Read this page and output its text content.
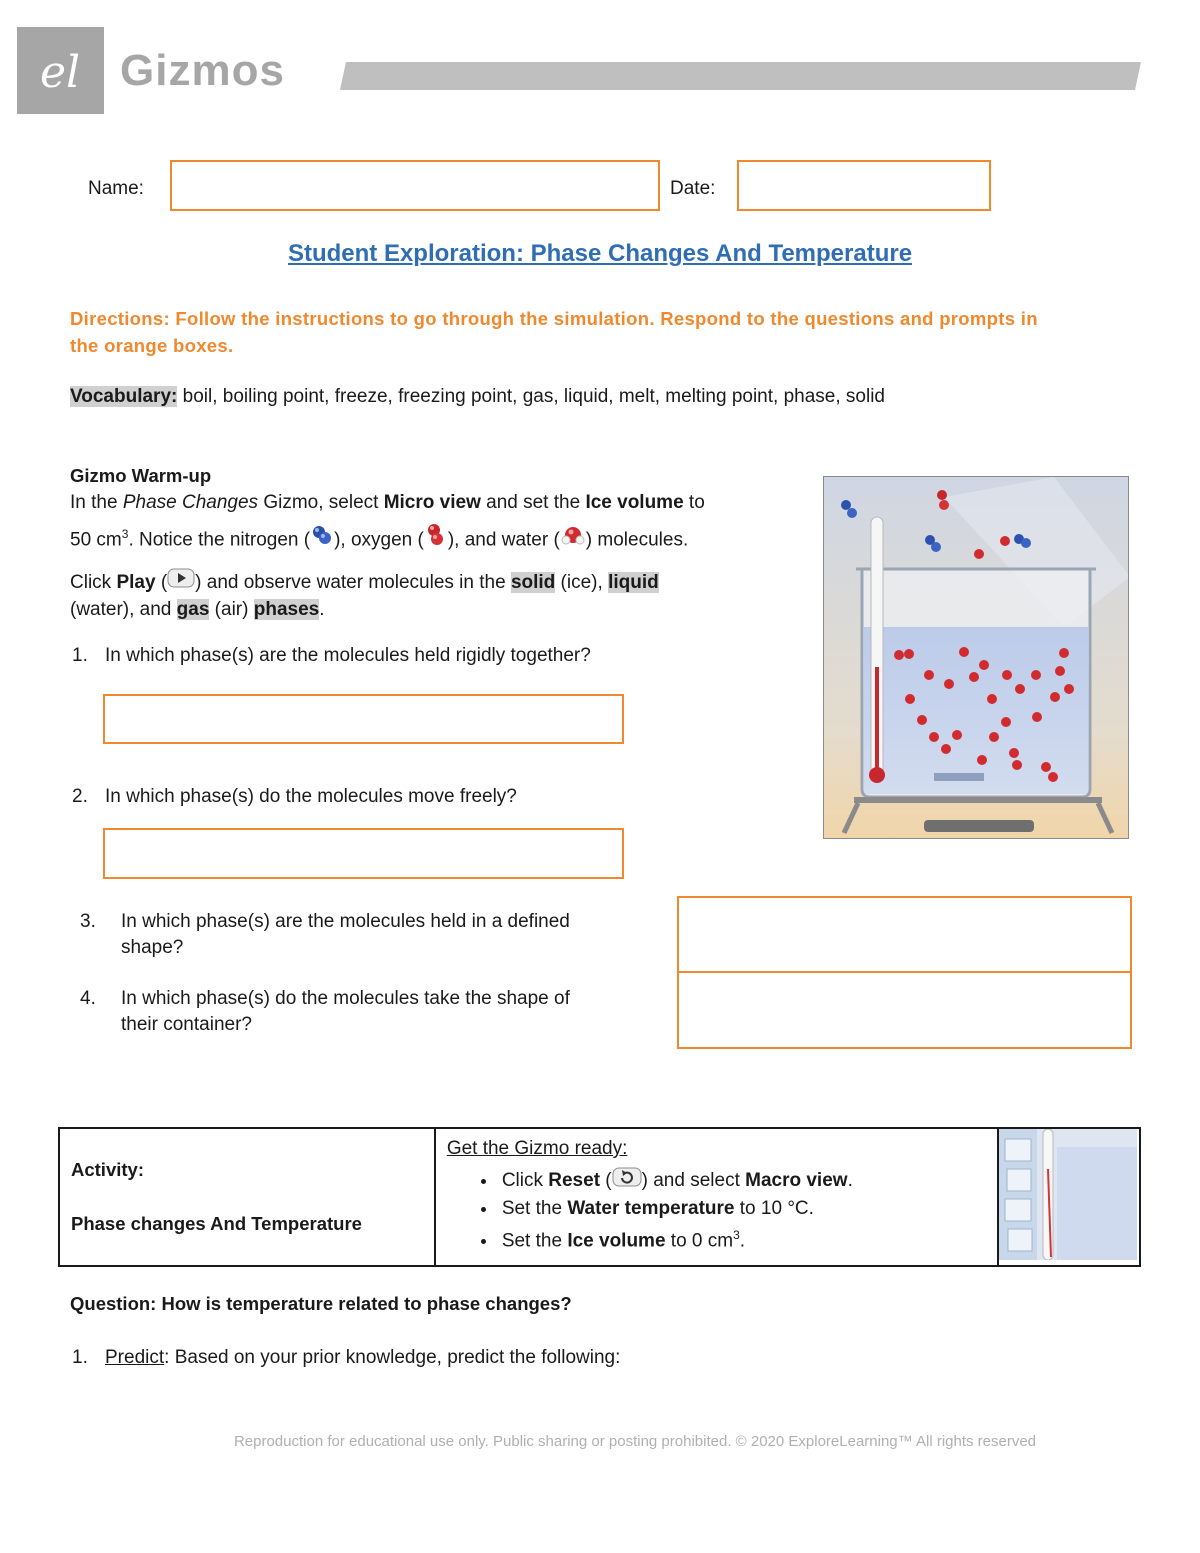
el Gizmos
Name:	Date:
Student Exploration: Phase Changes And Temperature
Directions: Follow the instructions to go through the simulation. Respond to the questions and prompts in the orange boxes.
Vocabulary: boil, boiling point, freeze, freezing point, gas, liquid, melt, melting point, phase, solid
Gizmo Warm-up
In the Phase Changes Gizmo, select Micro view and set the Ice volume to
50 $cm^3$. Notice the nitrogen ( ), oxygen ( ), and water ( ) molecules.
Click Play ( ) and observe water molecules in the solid (ice), liquid
(water), and gas (air) phases.
1. In which phase(s) are the molecules held rigidly together?
2. In which phase(s) do the molecules move freely?
3. In which phase(s) are the molecules held in a defined
shape?
4. In which phase(s) do the molecules take the shape of
their container?
Activity:
Phase changes And Temperature

Get the Gizmo ready:
• Click Reset ( ) and select Macro view.
• Set the Water temperature to 10 °C.
• Set the Ice volume to 0 $cm^3$.

Question: How is temperature related to phase changes?
1. Predict: Based on your prior knowledge, predict the following:
Reproduction for educational use only. Public sharing or posting prohibited. © 2020 ExploreLearning™ All rights reserved
